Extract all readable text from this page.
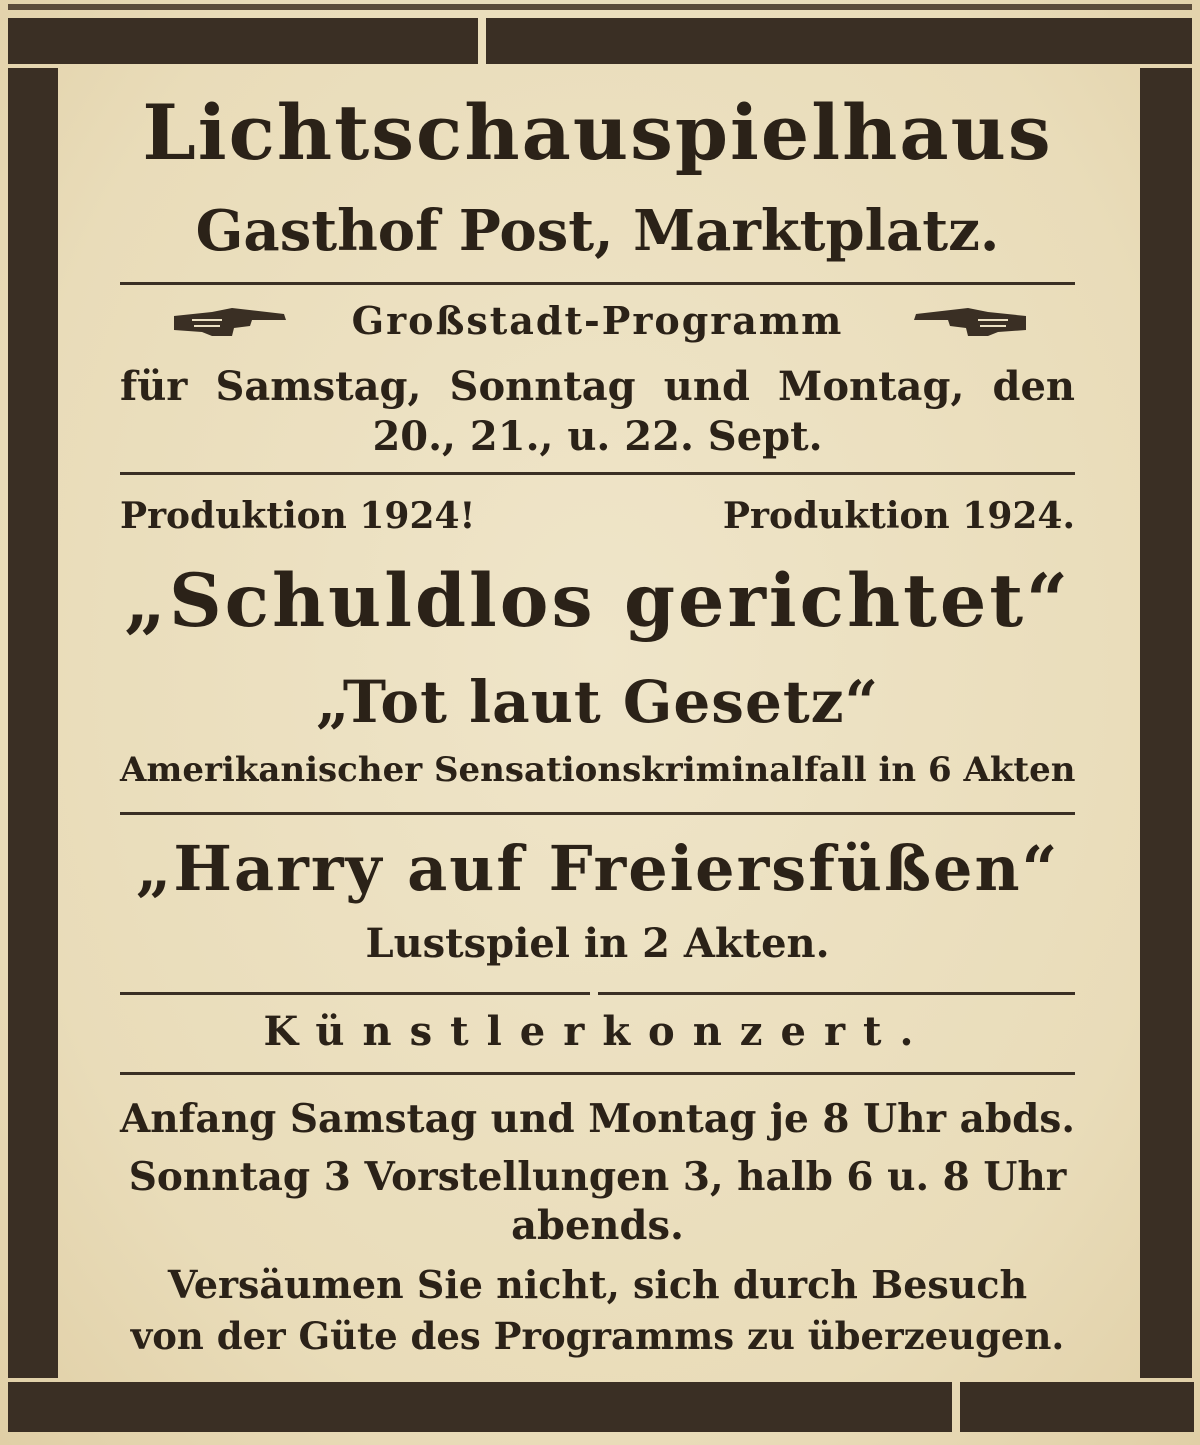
Lichtschauspielhaus
Gasthof Post, Marktplatz.
Großstadt-Programm
für Samstag, Sonntag und Montag, den
20., 21., u. 22. Sept.
Produktion 1924!	Produktion 1924.
„Schuldlos gerichtet“
„Tot laut Gesetz“
Amerikanischer Sensationskriminalfall in 6 Akten
„Harry auf Freiersfüßen“
Lustspiel in 2 Akten.
Künstlerkonzert.
Anfang Samstag und Montag je 8 Uhr abds.
Sonntag 3 Vorstellungen 3, halb 6 u. 8 Uhr
abends.
Versäumen Sie nicht, sich durch Besuch
von der Güte des Programms zu überzeugen.
